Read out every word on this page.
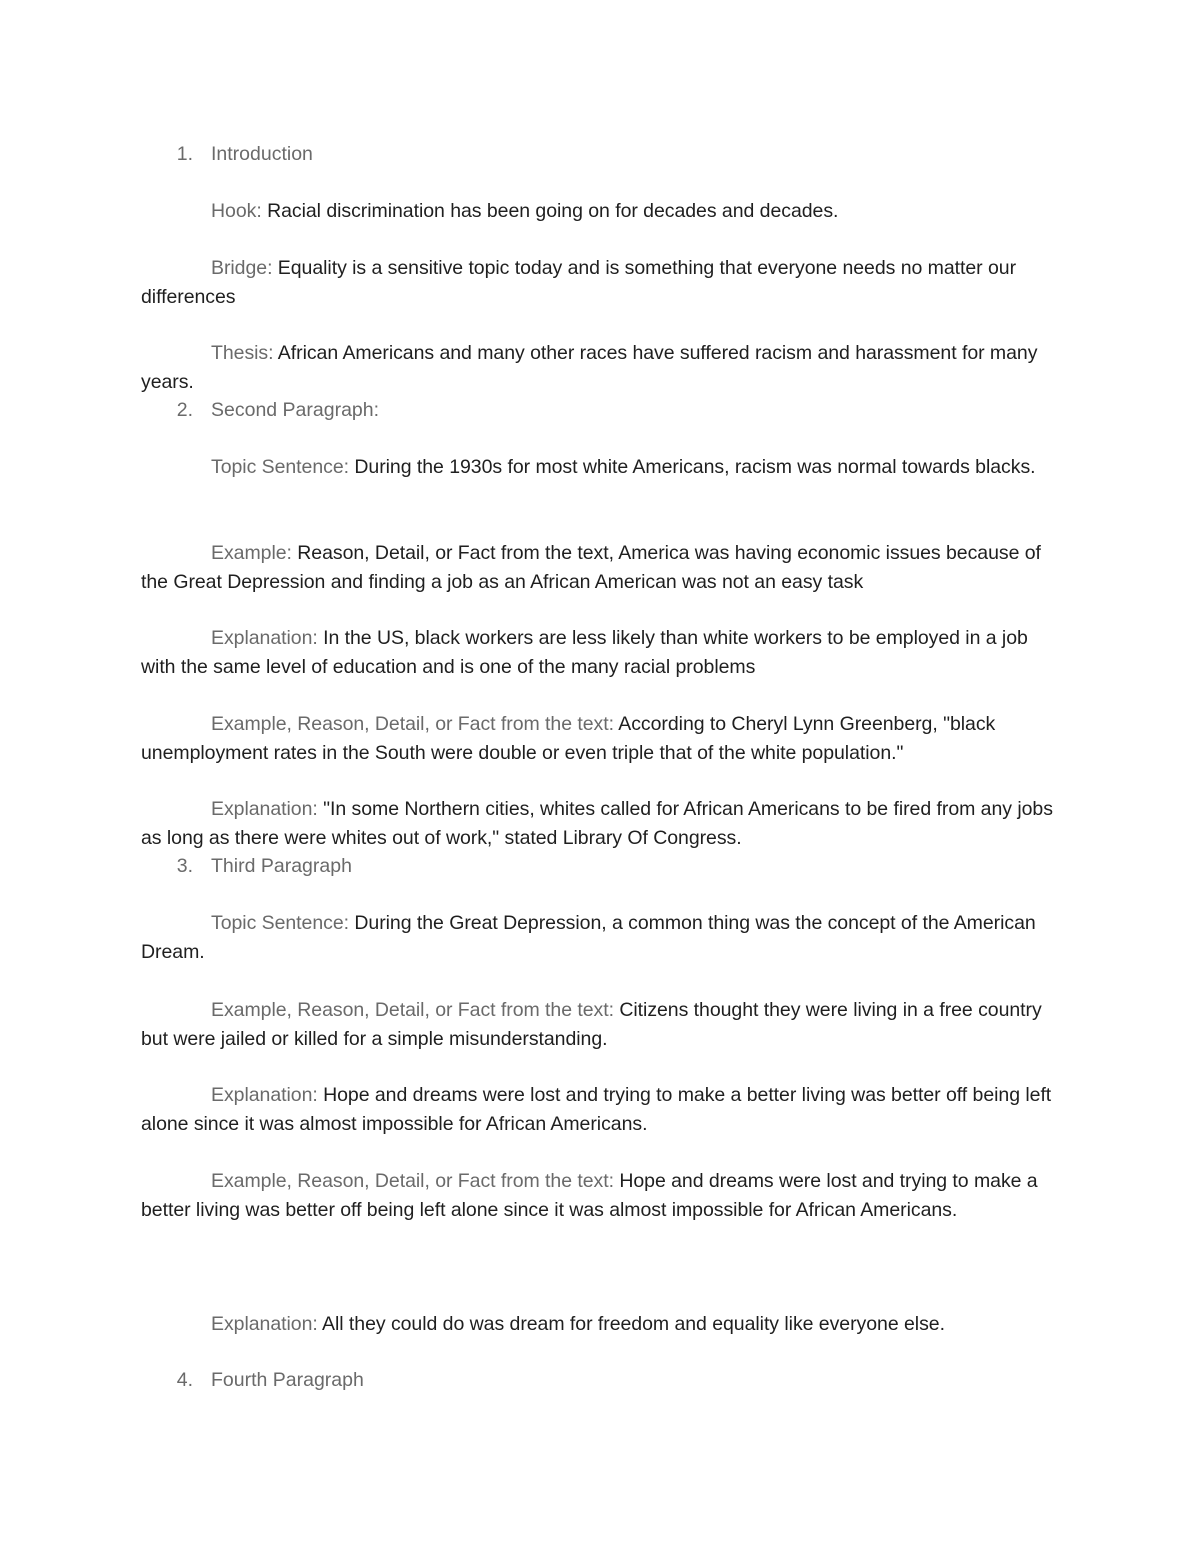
1. Introduction

Hook: Racial discrimination has been going on for decades and decades.

Bridge: Equality is a sensitive topic today and is something that everyone needs no matter our differences

Thesis: African Americans and many other races have suffered racism and harassment for many years.

2. Second Paragraph:

Topic Sentence: During the 1930s for most white Americans, racism was normal towards blacks.

Example: Reason, Detail, or Fact from the text, America was having economic issues because of the Great Depression and finding a job as an African American was not an easy task

Explanation: In the US, black workers are less likely than white workers to be employed in a job with the same level of education and is one of the many racial problems

Example, Reason, Detail, or Fact from the text: According to Cheryl Lynn Greenberg, "black unemployment rates in the South were double or even triple that of the white population."

Explanation: "In some Northern cities, whites called for African Americans to be fired from any jobs as long as there were whites out of work," stated Library Of Congress.

3. Third Paragraph

Topic Sentence: During the Great Depression, a common thing was the concept of the American Dream.

Example, Reason, Detail, or Fact from the text: Citizens thought they were living in a free country but were jailed or killed for a simple misunderstanding.

Explanation: Hope and dreams were lost and trying to make a better living was better off being left alone since it was almost impossible for African Americans.

Example, Reason, Detail, or Fact from the text: Hope and dreams were lost and trying to make a better living was better off being left alone since it was almost impossible for African Americans.

Explanation: All they could do was dream for freedom and equality like everyone else.

4. Fourth Paragraph
